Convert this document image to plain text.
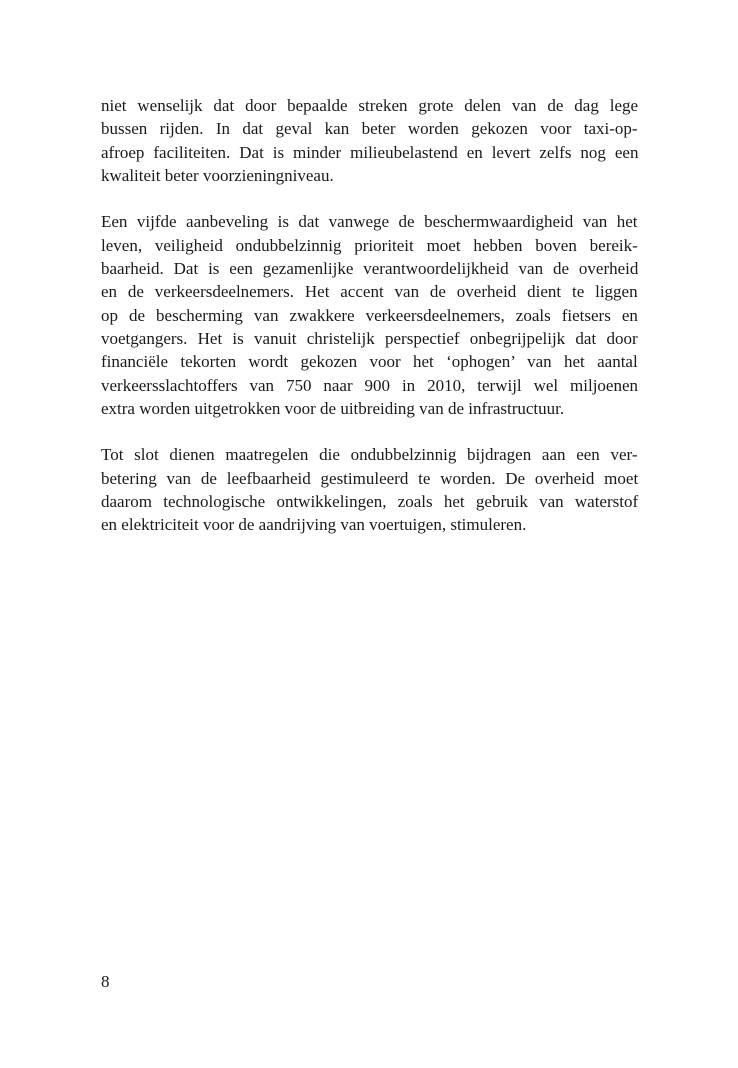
niet wenselijk dat door bepaalde streken grote delen van de dag lege
bussen rijden. In dat geval kan beter worden gekozen voor taxi-op-
afroep faciliteiten. Dat is minder milieubelastend en levert zelfs nog een
kwaliteit beter voorzieningniveau.

Een vijfde aanbeveling is dat vanwege de beschermwaardigheid van het
leven, veiligheid ondubbelzinnig prioriteit moet hebben boven bereik-
baarheid. Dat is een gezamenlijke verantwoordelijkheid van de overheid
en de verkeersdeelnemers. Het accent van de overheid dient te liggen
op de bescherming van zwakkere verkeersdeelnemers, zoals fietsers en
voetgangers. Het is vanuit christelijk perspectief onbegrijpelijk dat door
financiële tekorten wordt gekozen voor het ‘ophogen’ van het aantal
verkeersslachtoffers van 750 naar 900 in 2010, terwijl wel miljoenen
extra worden uitgetrokken voor de uitbreiding van de infrastructuur.

Tot slot dienen maatregelen die ondubbelzinnig bijdragen aan een ver-
betering van de leefbaarheid gestimuleerd te worden. De overheid moet
daarom technologische ontwikkelingen, zoals het gebruik van waterstof
en elektriciteit voor de aandrijving van voertuigen, stimuleren.

8
